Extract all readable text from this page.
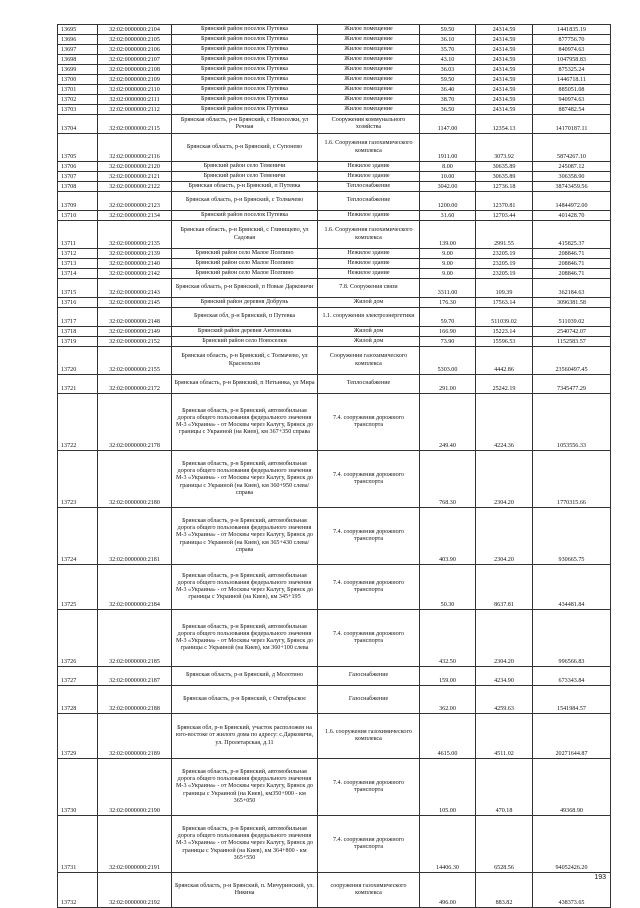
13695	32:02:0000000:2104	Брянский район поселок Путевка	Жилое помещение	59.50	24314.59	1441835.19
13696	32:02:0000000:2105	Брянский район поселок Путевка	Жилое помещение	36.10	24314.59	877756.70
13697	32:02:0000000:2106	Брянский район поселок Путевка	Жилое помещение	35.70	24314.59	840974.63
13698	32:02:0000000:2107	Брянский район поселок Путевка	Жилое помещение	43.10	24314.59	1047958.83
13699	32:02:0000000:2108	Брянский район поселок Путевка	Жилое помещение	36.03	24314.59	875325.24
13700	32:02:0000000:2109	Брянский район поселок Путевка	Жилое помещение	59.50	24314.59	1446718.11
13701	32:02:0000000:2110	Брянский район поселок Путевка	Жилое помещение	36.40	24314.59	885051.08
13702	32:02:0000000:2111	Брянский район поселок Путевка	Жилое помещение	38.70	24314.59	940974.63
13703	32:02:0000000:2112	Брянский район поселок Путевка	Жилое помещение	36.50	24314.59	887482.54
13704	32:02:0000000:2115	Брянская область, р-н Брянский, с Новоселки, ул Речная	Сооружения коммунального хозяйства	1147.00	12354.13	14170187.11
13705	32:02:0000000:2116	Брянская область, р-н Брянский, с Супонево	1.6. Сооружения газохимического комплекса	1911.00	3073.92	5874267.10
13706	32:02:0000000:2120	Брянский район село Теменичи	Нежилое здание	8.00	30635.89	245087.12
13707	32:02:0000000:2121	Брянский район село Теменичи	Нежилое здание	10.00	30635.89	306358.90
13708	32:02:0000000:2122	Брянская область, р-н Брянский, п Путевка	Теплоснабжение	3042.00	12736.18	38743459.56
13709	32:02:0000000:2123	Брянская область, р-н Брянский, с Толмачево	Теплоснабжение	1200.00	12370.81	14844972.00
13710	32:02:0000000:2134	Брянский район поселок Путевка	Нежилое здание	31.60	12703.44	401428.70
13711	32:02:0000000:2135	Брянская область, р-н Брянский, с Глинищево, ул Садовая	1.6. Сооружения газохимического комплекса	139.00	2991.55	415825.37
13712	32:02:0000000:2139	Брянский район село Малое Полпино	Нежилое здание	9.00	23205.19	208846.71
13713	32:02:0000000:2140	Брянский район село Малое Полпино	Нежилое здание	9.00	23205.19	208846.71
13714	32:02:0000000:2142	Брянский район село Малое Полпино	Нежилое здание	9.00	23205.19	208846.71
13715	32:02:0000000:2143	Брянская область, р-н Брянский, п Новые Дарковичи	7.8. Сооружения связи	3311.00	109.39	362184.63
13716	32:02:0000000:2145	Брянский район деревня Добрунь	Жилой дом	176.30	17563.14	3096381.58
13717	32:02:0000000:2148	Брянская обл, р-н Брянский, п Путевка	1.1. сооружения электроэнергетики	59.70	511039.02	511039.02
13718	32:02:0000000:2149	Брянский район деревня Антоновка	Жилой дом	166.90	15223.14	2540742.07
13719	32:02:0000000:2152	Брянский район село Новоселки	Жилой дом	73.90	15596.53	1152583.57
13720	32:02:0000000:2155	Брянская область, р-н Брянский, с Толмачево, ул Краснохолм	Сооружения газохимического комплекса	5303.00	4442.86	23560497.45
13721	32:02:0000000:2172	Брянская область, р-н Брянский, п Нетьинка, ул Мира	Теплоснабжение	291.00	25242.19	7345477.29
13722	32:02:0000000:2178	Брянская область, р-н Брянский, автомобильная дорога общего пользования федерального значения М-3 «Украина» - от Москвы через Калугу, Брянск до границы с Украиной (на Киев), км 367+350 справа	7.4. сооружения дорожного транспорта	249.40	4224.36	1053556.33
13723	32:02:0000000:2180	Брянская область, р-н Брянский, автомобильная дорога общего пользования федерального значения М-3 «Украина» - от Москвы через Калугу, Брянск до границы с Украиной (на Киев), км 360+950 слева/справа	7.4. сооружения дорожного транспорта	768.30	2304.20	1770315.66
13724	32:02:0000000:2181	Брянская область, р-н Брянский, автомобильная дорога общего пользования федерального значения М-3 «Украина» - от Москвы через Калугу, Брянск до границы с Украиной (на Киев), км 365+430 слева/справа	7.4. сооружения дорожного транспорта	403.90	2304.20	930665.75
13725	32:02:0000000:2184	Брянская область, р-н Брянский, автомобильная дорога общего пользования федерального значения М-3 «Украина» - от Москвы через Калугу, Брянск до границы с Украиной (на Киев), км 345+195	7.4. сооружения дорожного транспорта	50.30	8637.81	434481.84
13726	32:02:0000000:2185	Брянская область, р-н Брянский, автомобильная дорога общего пользования федерального значения М-3 «Украина» - от Москвы через Калугу, Брянск до границы с Украиной (на Киев), км 360+100 слева	7.4. сооружения дорожного транспорта	432.50	2304.20	996566.83
13727	32:02:0000000:2187	Брянская область, р-н Брянский, д Молотино	Газоснабжение	159.00	4234.90	673343.84
13728	32:02:0000000:2188	Брянская область, р-н Брянский, с Октябрьское	Газоснабжение	362.00	4259.63	1541984.57
13729	32:02:0000000:2189	Брянская обл, р-н Брянский, участок расположен на юго-востоке от жилого дома по адресу: с.Дарковичи, ул. Пролетарская, д.11	1.6. сооружения газохимического комплекса	4615.00	4511.02	20271644.87
13730	32:02:0000000:2190	Брянская область, р-н Брянский, автомобильная дорога общего пользования федерального значения М-3 «Украина» - от Москвы через Калугу, Брянск до границы с Украиной (на Киев), км350+000 - км 365+050	7.4. сооружения дорожного транспорта	105.00	470.18	49368.90
13731	32:02:0000000:2191	Брянская область, р-н Брянский, автомобильная дорога общего пользования федерального значения М-3 «Украина» - от Москвы через Калугу, Брянск до границы с Украиной (на Киев), км 364+800 - км 365+550	7.4. сооружения дорожного транспорта	14406.30	6528.56	94052426.20
13732	32:02:0000000:2192	Брянская область, р-н Брянский, п. Мичуринский, ул. Никина	сооружения газохимического комплекса	496.00	883.82	438373.65
193
